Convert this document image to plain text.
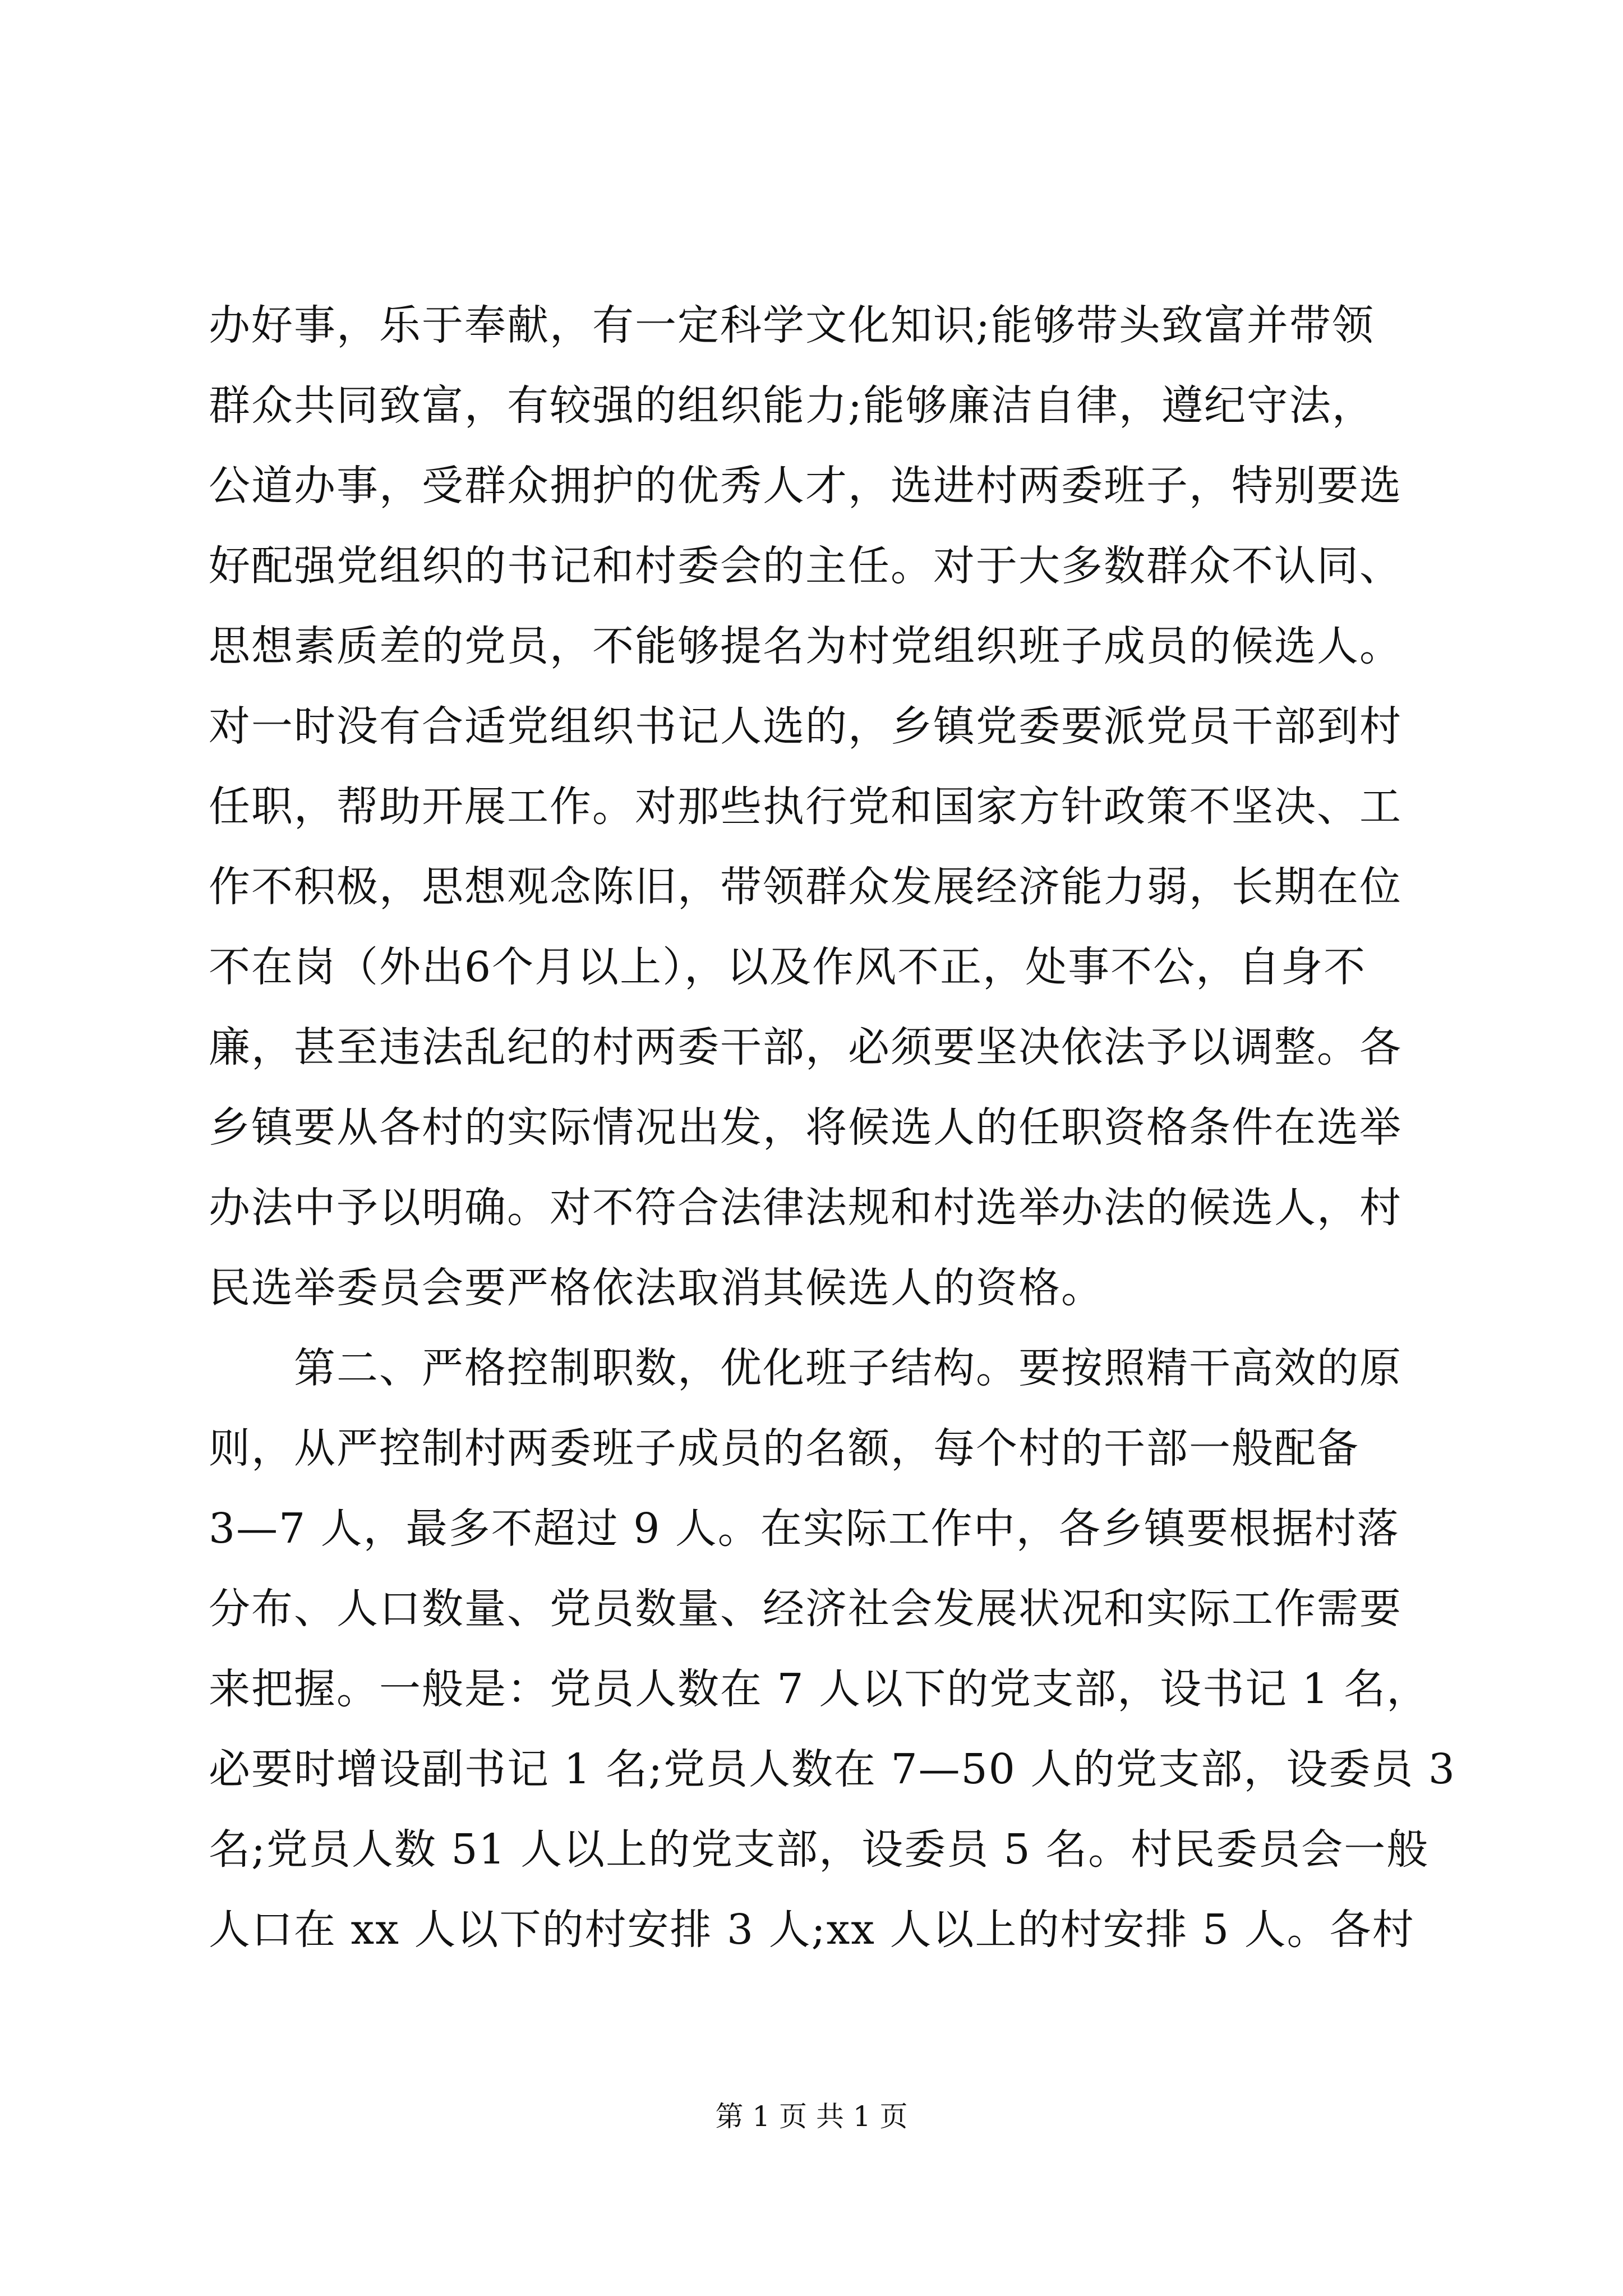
办好事，乐于奉献，有一定科学文化知识;能够带头致富并带领
群众共同致富，有较强的组织能力;能够廉洁自律，遵纪守法，
公道办事，受群众拥护的优秀人才，选进村两委班子，特别要选
好配强党组织的书记和村委会的主任。对于大多数群众不认同、
思想素质差的党员，不能够提名为村党组织班子成员的候选人。
对一时没有合适党组织书记人选的，乡镇党委要派党员干部到村
任职，帮助开展工作。对那些执行党和国家方针政策不坚决、工
作不积极，思想观念陈旧，带领群众发展经济能力弱，长期在位
不在岗（外出6个月以上），以及作风不正，处事不公，自身不
廉，甚至违法乱纪的村两委干部，必须要坚决依法予以调整。各
乡镇要从各村的实际情况出发，将候选人的任职资格条件在选举
办法中予以明确。对不符合法律法规和村选举办法的候选人，村
民选举委员会要严格依法取消其候选人的资格。
　　第二、严格控制职数，优化班子结构。要按照精干高效的原
则，从严控制村两委班子成员的名额，每个村的干部一般配备
3—7 人，最多不超过 9 人。在实际工作中，各乡镇要根据村落
分布、人口数量、党员数量、经济社会发展状况和实际工作需要
来把握。一般是：党员人数在 7 人以下的党支部，设书记 1 名，
必要时增设副书记 1 名;党员人数在 7—50 人的党支部，设委员 3
名;党员人数 51 人以上的党支部，设委员 5 名。村民委员会一般
人口在 xx 人以下的村安排 3 人;xx 人以上的村安排 5 人。各村
第 1 页 共 1 页
